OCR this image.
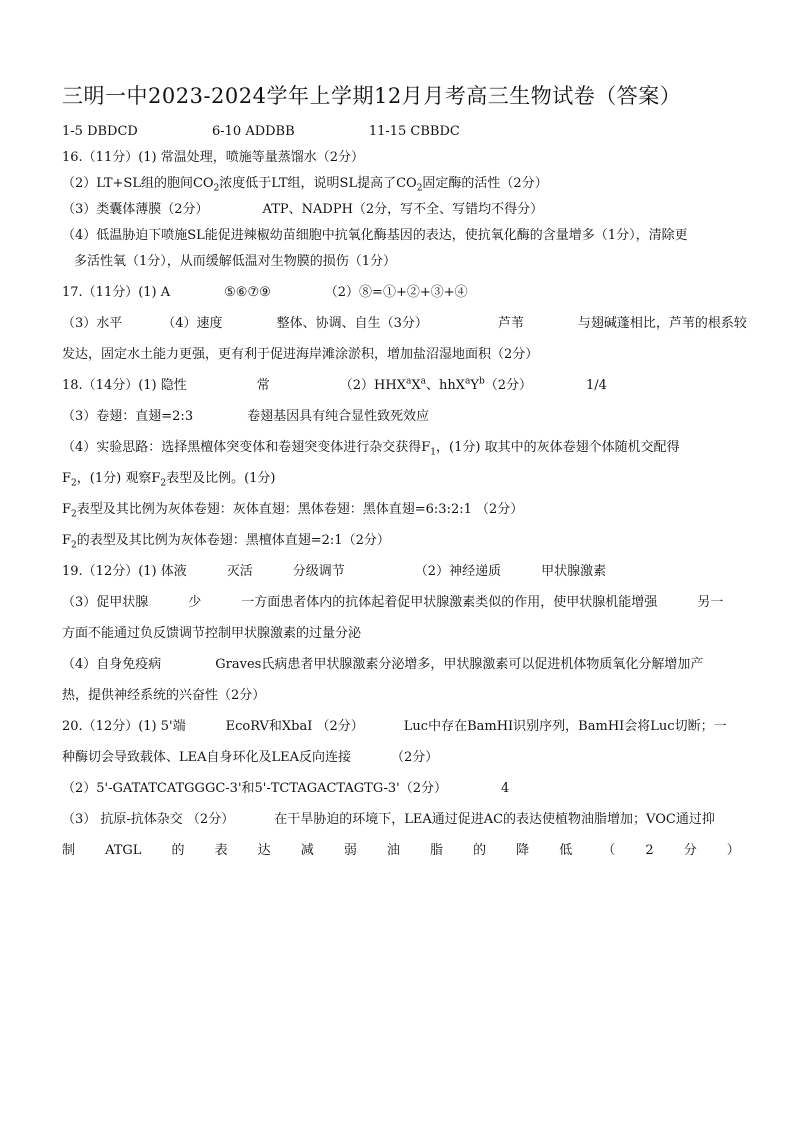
三明一中2023-2024学年上学期12月月考高三生物试卷（答案）
1-5 DBDCD	6-10 ADDBB	11-15 CBBDC
16.（11分）(1) 常温处理，喷施等量蒸馏水（2分）
（2）LT+SL组的胞间$CO_2$浓度低于LT组，说明SL提高了$CO_2$固定酶的活性（2分）
（3）类囊体薄膜（2分）	ATP、NADPH（2分，写不全、写错均不得分）
（4）低温胁迫下喷施SL能促进辣椒幼苗细胞中抗氧化酶基因的表达，使抗氧化酶的含量增多（1分），清除更
多活性氧（1分），从而缓解低温对生物膜的损伤（1分）
17.（11分）(1) A	⑤⑥⑦⑨	（2）⑧=①+②+③+④
（3）水平	（4）速度	整体、协调、自生（3分）	芦苇	与翅碱蓬相比，芦苇的根系较
发达，固定水土能力更强，更有利于促进海岸滩涂淤积，增加盐沼湿地面积（2分）
18.（14分）(1) 隐性	常	$(2)HHX^aX^a$、$hhX^aY^b(2$分）	1/4
（3）卷翅：直翅=2:3	卷翅基因具有纯合显性致死效应
（4）实验思路：选择黑檀体突变体和卷翅突变体进行杂交获得$F_1$，(1分) 取其中的灰体卷翅个体随机交配得
$F_2$，(1分) 观察$F_2$表型及比例。(1分)
$F_2$表型及其比例为灰体卷翅：灰体直翅：黑体卷翅：黑体直翅=6:3:2:1 （2分）
$F_2$的表型及其比例为灰体卷翅：黑檀体直翅=2:1（2分）
19.（12分）(1) 体液	灭活	分级调节	（2）神经递质	甲状腺激素
（3）促甲状腺	少	一方面患者体内的抗体起着促甲状腺激素类似的作用，使甲状腺机能增强	另一
方面不能通过负反馈调节控制甲状腺激素的过量分泌
（4）自身免疫病	Graves氏病患者甲状腺激素分泌增多，甲状腺激素可以促进机体物质氧化分解增加产
热，提供神经系统的兴奋性（2分）
20.（12分）(1) 5'端	EcoRV和XbaI （2分）	Luc中存在BamHI识别序列，BamHI会将Luc切断；一
种酶切会导致载体、LEA自身环化及LEA反向连接	（2分）
（2）5'-GATATCATGGGC-3'和5'-TCTAGACTAGTG-3'（2分）	4
（3） 抗原-抗体杂交 （2分）	在干旱胁迫的环境下，LEA通过促进AC的表达使植物油脂增加；VOC通过抑
制 ATGL 的 表 达 减 弱 油 脂 的 降 低 （ 2 分 ）
